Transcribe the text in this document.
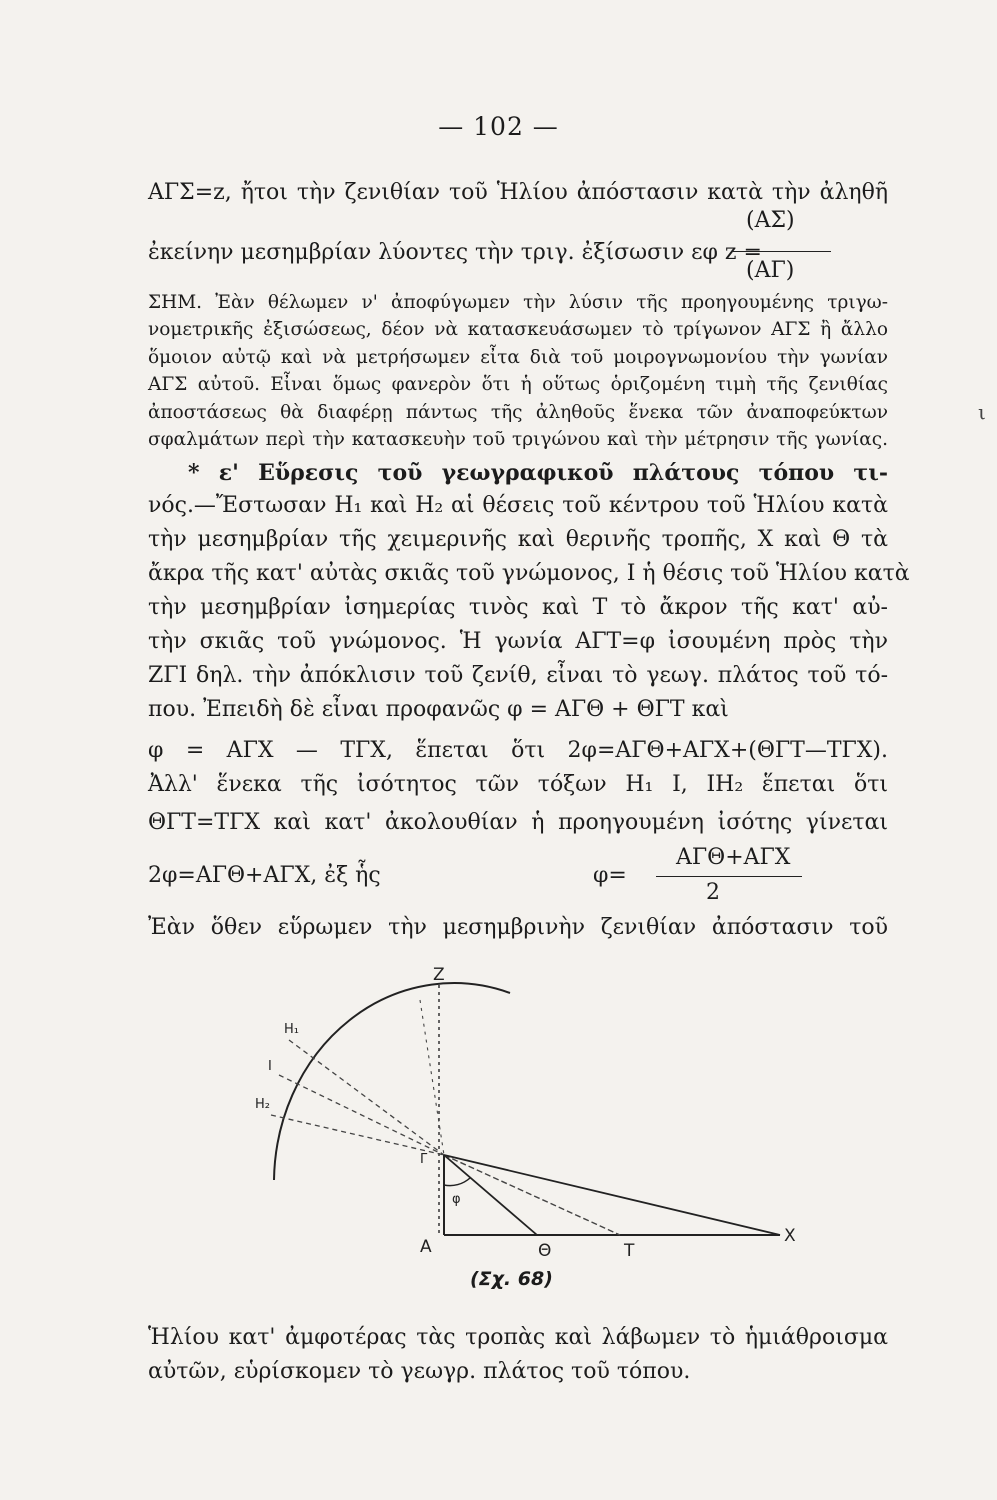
— 102 —
ΑΓΣ=z, ἤτοι τὴν ζενιθίαν τοῦ Ἡλίου ἀπόστασιν κατὰ τὴν ἀληθῆ
(ΑΣ)
ἐκείνην μεσημβρίαν λύοντες τὴν τριγ. ἐξίσωσιν εφ z =
(ΑΓ)
ΣΗΜ. Ἐὰν θέλωμεν ν' ἀποφύγωμεν τὴν λύσιν τῆς προηγουμένης τριγω-
νομετρικῆς ἐξισώσεως, δέον νὰ κατασκευάσωμεν τὸ τρίγωνον ΑΓΣ ἢ ἄλλο
ὅμοιον αὐτῷ καὶ νὰ μετρήσωμεν εἶτα διὰ τοῦ μοιρογνωμονίου τὴν γωνίαν
ΑΓΣ αὐτοῦ. Εἶναι ὅμως φανερὸν ὅτι ἡ οὕτως ὁριζομένη τιμὴ τῆς ζενιθίας
ἀποστάσεως θὰ διαφέρῃ πάντως τῆς ἀληθοῦς ἕνεκα τῶν ἀναποφεύκτων
σφαλμάτων περὶ τὴν κατασκευὴν τοῦ τριγώνου καὶ τὴν μέτρησιν τῆς γωνίας.
* ε' Εὕρεσις τοῦ γεωγραφικοῦ πλάτους τόπου τι-
νός.—Ἔστωσαν Η₁ καὶ Η₂ αἱ θέσεις τοῦ κέντρου τοῦ Ἡλίου κατὰ
τὴν μεσημβρίαν τῆς χειμερινῆς καὶ θερινῆς τροπῆς, Χ καὶ Θ τὰ
ἄκρα τῆς κατ' αὐτὰς σκιᾶς τοῦ γνώμονος, Ι ἡ θέσις τοῦ Ἡλίου κατὰ
τὴν μεσημβρίαν ἰσημερίας τινὸς καὶ Τ τὸ ἄκρον τῆς κατ' αὐ-
τὴν σκιᾶς τοῦ γνώμονος. Ἡ γωνία ΑΓΤ=φ ἰσουμένη πρὸς τὴν
ΖΓΙ δηλ. τὴν ἀπόκλισιν τοῦ ζενίθ, εἶναι τὸ γεωγ. πλάτος τοῦ τό-
που. Ἐπειδὴ δὲ εἶναι προφανῶς φ = ΑΓΘ + ΘΓΤ καὶ
φ = ΑΓΧ — ΤΓΧ, ἕπεται ὅτι 2φ=ΑΓΘ+ΑΓΧ+(ΘΓΤ—ΤΓΧ).
Ἀλλ' ἕνεκα τῆς ἰσότητος τῶν τόξων Η₁ Ι, ΙΗ₂ ἕπεται ὅτι
ΘΓΤ=ΤΓΧ καὶ κατ' ἀκολουθίαν ἡ προηγουμένη ἰσότης γίνεται
2φ=ΑΓΘ+ΑΓΧ, ἐξ ἧς	φ=
ΑΓΘ+ΑΓΧ
2
Ἐὰν ὅθεν εὕρωμεν τὴν μεσημβρινὴν ζενιθίαν ἀπόστασιν τοῦ
Z
H₁
I
H₂
Γ
φ
A	Θ	T
X
(Σχ. 68)
Ἡλίου κατ' ἀμφοτέρας τὰς τροπὰς καὶ λάβωμεν τὸ ἡμιάθροισμα
αὐτῶν, εὑρίσκομεν τὸ γεωγρ. πλάτος τοῦ τόπου.
ι
